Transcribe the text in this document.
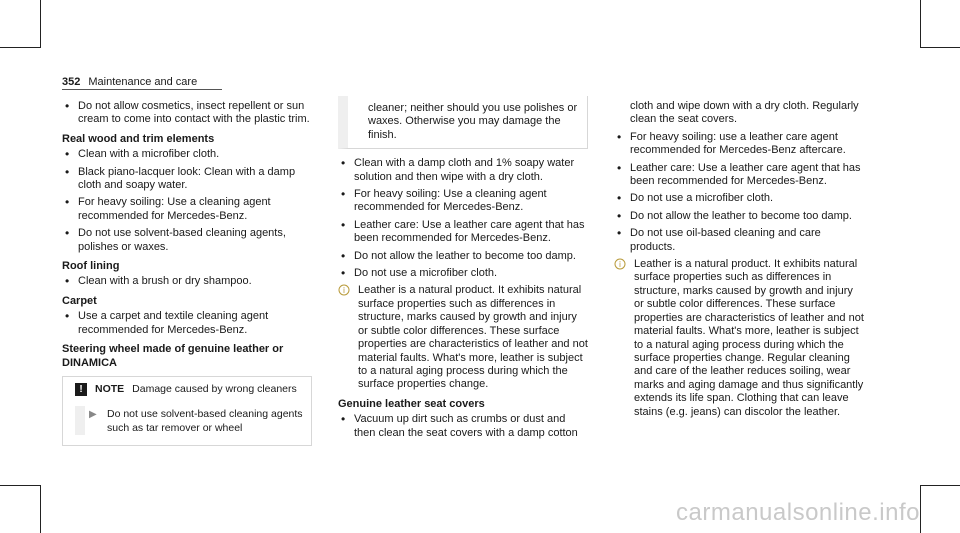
352 Maintenance and care
• Do not allow cosmetics, insect repellent or sun cream to come into contact with the plastic trim.
Real wood and trim elements
• Clean with a microfiber cloth.
• Black piano-lacquer look: Clean with a damp cloth and soapy water.
• For heavy soiling: Use a cleaning agent recommended for Mercedes-Benz.
• Do not use solvent-based cleaning agents, polishes or waxes.
Roof lining
• Clean with a brush or dry shampoo.
Carpet
• Use a carpet and textile cleaning agent recommended for Mercedes-Benz.
Steering wheel made of genuine leather or DINAMICA
!	NOTE Damage caused by wrong cleaners
▶ Do not use solvent-based cleaning agents such as tar remover or wheel
cleaner; neither should you use polishes or waxes. Otherwise you may damage the finish.
• Clean with a damp cloth and 1% soapy water solution and then wipe with a dry cloth.
• For heavy soiling: Use a cleaning agent recommended for Mercedes-Benz.
• Leather care: Use a leather care agent that has been recommended for Mercedes-Benz.
• Do not allow the leather to become too damp.
• Do not use a microfiber cloth.
i Leather is a natural product. It exhibits natural surface properties such as differences in structure, marks caused by growth and injury or subtle color differences. These surface properties are characteristics of leather and not material faults. What's more, leather is subject to a natural aging process during which the surface properties change.
Genuine leather seat covers
• Vacuum up dirt such as crumbs or dust and then clean the seat covers with a damp cotton
cloth and wipe down with a dry cloth. Regularly clean the seat covers.
• For heavy soiling: use a leather care agent recommended for Mercedes-Benz aftercare.
• Leather care: Use a leather care agent that has been recommended for Mercedes-Benz.
• Do not use a microfiber cloth.
• Do not allow the leather to become too damp.
• Do not use oil-based cleaning and care products.
i Leather is a natural product. It exhibits natural surface properties such as differences in structure, marks caused by growth and injury or subtle color differences. These surface properties are characteristics of leather and not material faults. What's more, leather is subject to a natural aging process during which the surface properties change. Regular cleaning and care of the leather reduces soiling, wear marks and aging damage and thus significantly extends its life span. Clothing that can leave stains (e.g. jeans) can discolor the leather.
carmanualsonline.info
